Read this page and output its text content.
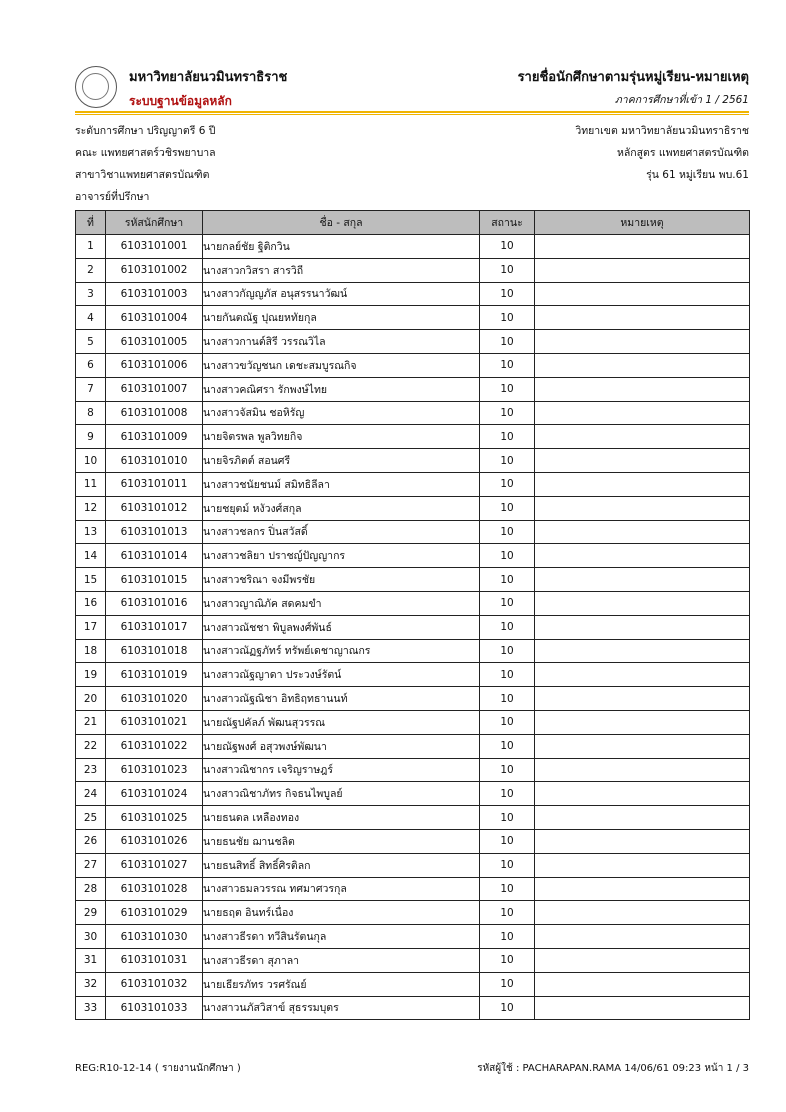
มหาวิทยาลัยนวมินทราธิราช
ระบบฐานข้อมูลหลัก
รายชื่อนักศึกษาตามรุ่นหมู่เรียน-หมายเหตุ
ภาคการศึกษาที่เข้า 1 / 2561
ระดับการศึกษา ปริญญาตรี 6 ปี
คณะ แพทยศาสตร์วชิรพยาบาล
สาขาวิชาแพทยศาสตรบัณฑิต
อาจารย์ที่ปรึกษา
วิทยาเขต มหาวิทยาลัยนวมินทราธิราช
หลักสูตร แพทยศาสตรบัณฑิต
รุ่น 61 หมู่เรียน พบ.61
ที่	รหัสนักศึกษา	ชื่อ - สกุล	สถานะ	หมายเหตุ
1	6103101001	นายกลย์ชัย ฐิติกวิน	10	
2	6103101002	นางสาวกวิสรา สารวิถี	10	
3	6103101003	นางสาวกัญญภัส อนุสรรนาวัฒน์	10	
4	6103101004	นายกันตณัฐ ปุณยหทัยกุล	10	
5	6103101005	นางสาวกานต์สิรี วรรณวิไล	10	
6	6103101006	นางสาวขวัญชนก เดชะสมบูรณกิจ	10	
7	6103101007	นางสาวคณิศรา รักพงษ์ไทย	10	
8	6103101008	นางสาวจัสมิน ชอหิรัญ	10	
9	6103101009	นายจิตรพล พูลวิทยกิจ	10	
10	6103101010	นายจิรภิตต์ สอนศรี	10	
11	6103101011	นางสาวชนัยชนม์ สมิทธิลีลา	10	
12	6103101012	นายชยุตม์ หงัวงศ์สกุล	10	
13	6103101013	นางสาวชลกร ปิ่นสวัสดิ์	10	
14	6103101014	นางสาวชลิยา ปราชญ์ปัญญากร	10	
15	6103101015	นางสาวชริณา จงมีพรชัย	10	
16	6103101016	นางสาวญาณิภัค สดคมขำ	10	
17	6103101017	นางสาวณัชชา พิบูลพงศ์พันธ์	10	
18	6103101018	นางสาวณัฏฐภัทร์ ทรัพย์เดชาญาณกร	10	
19	6103101019	นางสาวณัฐญาดา ประวงษ์รัตน์	10	
20	6103101020	นางสาวณัฐณิชา อิทธิฤทธานนท์	10	
21	6103101021	นายณัฐปคัลภ์ พัฒนสุวรรณ	10	
22	6103101022	นายณัฐพงศ์ อสุวพงษ์พัฒนา	10	
23	6103101023	นางสาวณิชากร เจริญราษฎร์	10	
24	6103101024	นางสาวณิชาภัทร กิจธนไพบูลย์	10	
25	6103101025	นายธนดล เหลืองทอง	10	
26	6103101026	นายธนชัย ฌานชลิต	10	
27	6103101027	นายธนสิทธิ์ สิทธิ์ศิรติลก	10	
28	6103101028	นางสาวธมลวรรณ ทศมาศวรกุล	10	
29	6103101029	นายธฤต อินทร์เนื่อง	10	
30	6103101030	นางสาวธีรดา ทวีสินรัตนกุล	10	
31	6103101031	นางสาวธีรดา สุภาลา	10	
32	6103101032	นายเธียรภัทร วรศรัณย์	10	
33	6103101033	นางสาวนภัสวิสาข์ สุธรรมบุตร	10	
REG:R10-12-14 ( รายงานนักศึกษา )	รหัสผู้ใช้ : PACHARAPAN.RAMA 14/06/61 09:23 หน้า 1 / 3
